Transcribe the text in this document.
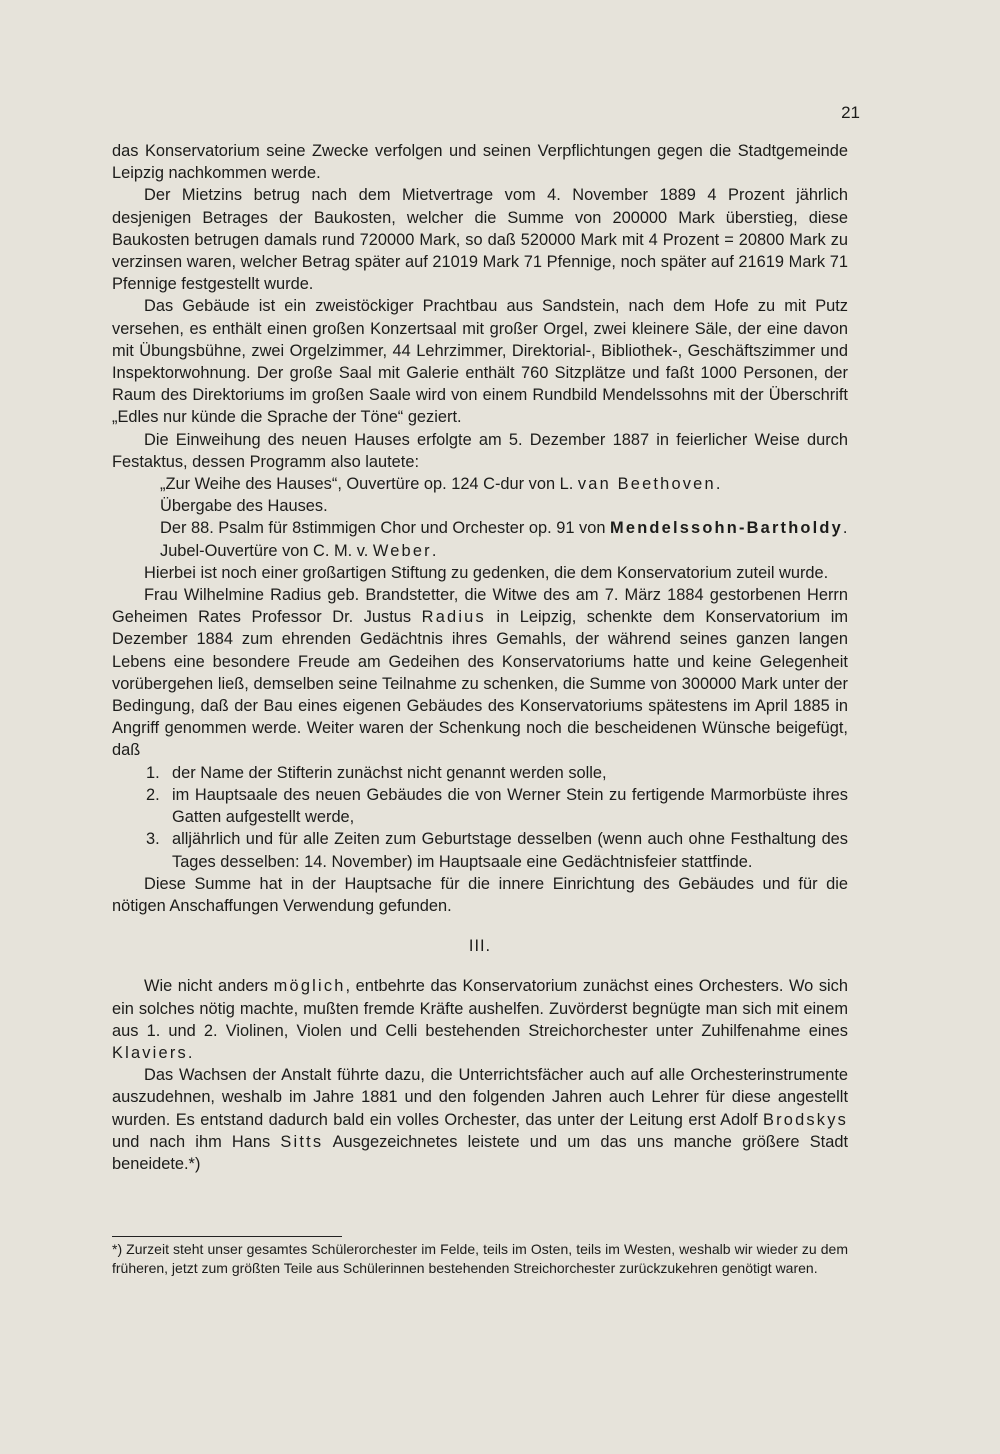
21

das Konservatorium seine Zwecke verfolgen und seinen Verpflichtungen gegen die Stadtgemeinde Leipzig nachkommen werde.

Der Mietzins betrug nach dem Mietvertrage vom 4. November 1889 4 Prozent jährlich desjenigen Betrages der Baukosten, welcher die Summe von 200000 Mark überstieg, diese Baukosten betrugen damals rund 720000 Mark, so daß 520000 Mark mit 4 Prozent = 20800 Mark zu verzinsen waren, welcher Betrag später auf 21019 Mark 71 Pfennige, noch später auf 21619 Mark 71 Pfennige festgestellt wurde.

Das Gebäude ist ein zweistöckiger Prachtbau aus Sandstein, nach dem Hofe zu mit Putz versehen, es enthält einen großen Konzertsaal mit großer Orgel, zwei kleinere Säle, der eine davon mit Übungsbühne, zwei Orgelzimmer, 44 Lehrzimmer, Direktorial-, Bibliothek-, Geschäftszimmer und Inspektorwohnung. Der große Saal mit Galerie enthält 760 Sitzplätze und faßt 1000 Personen, der Raum des Direktoriums im großen Saale wird von einem Rundbild Mendelssohns mit der Überschrift „Edles nur künde die Sprache der Töne“ geziert.

Die Einweihung des neuen Hauses erfolgte am 5. Dezember 1887 in feierlicher Weise durch Festaktus, dessen Programm also lautete:

„Zur Weihe des Hauses“, Ouvertüre op. 124 C-dur von L. van Beethoven.

Übergabe des Hauses.

Der 88. Psalm für 8stimmigen Chor und Orchester op. 91 von Mendelssohn-Bartholdy.

Jubel-Ouvertüre von C. M. v. Weber.

Hierbei ist noch einer großartigen Stiftung zu gedenken, die dem Konservatorium zuteil wurde.

Frau Wilhelmine Radius geb. Brandstetter, die Witwe des am 7. März 1884 gestorbenen Herrn Geheimen Rates Professor Dr. Justus Radius in Leipzig, schenkte dem Konservatorium im Dezember 1884 zum ehrenden Gedächtnis ihres Gemahls, der während seines ganzen langen Lebens eine besondere Freude am Gedeihen des Konservatoriums hatte und keine Gelegenheit vorübergehen ließ, demselben seine Teilnahme zu schenken, die Summe von 300000 Mark unter der Bedingung, daß der Bau eines eigenen Gebäudes des Konservatoriums spätestens im April 1885 in Angriff genommen werde. Weiter waren der Schenkung noch die bescheidenen Wünsche beigefügt, daß

1. der Name der Stifterin zunächst nicht genannt werden solle,
2. im Hauptsaale des neuen Gebäudes die von Werner Stein zu fertigende Marmorbüste ihres Gatten aufgestellt werde,
3. alljährlich und für alle Zeiten zum Geburtstage desselben (wenn auch ohne Festhaltung des Tages desselben: 14. November) im Hauptsaale eine Gedächtnisfeier stattfinde.

Diese Summe hat in der Hauptsache für die innere Einrichtung des Gebäudes und für die nötigen Anschaffungen Verwendung gefunden.

III.

Wie nicht anders möglich, entbehrte das Konservatorium zunächst eines Orchesters. Wo sich ein solches nötig machte, mußten fremde Kräfte aushelfen. Zuvörderst begnügte man sich mit einem aus 1. und 2. Violinen, Violen und Celli bestehenden Streichorchester unter Zuhilfenahme eines Klaviers.

Das Wachsen der Anstalt führte dazu, die Unterrichtsfächer auch auf alle Orchesterinstrumente auszudehnen, weshalb im Jahre 1881 und den folgenden Jahren auch Lehrer für diese angestellt wurden. Es entstand dadurch bald ein volles Orchester, das unter der Leitung erst Adolf Brodskys und nach ihm Hans Sitts Ausgezeichnetes leistete und um das uns manche größere Stadt beneidete.*)

*) Zurzeit steht unser gesamtes Schülerorchester im Felde, teils im Osten, teils im Westen, weshalb wir wieder zu dem früheren, jetzt zum größten Teile aus Schülerinnen bestehenden Streichorchester zurückzukehren genötigt waren.
